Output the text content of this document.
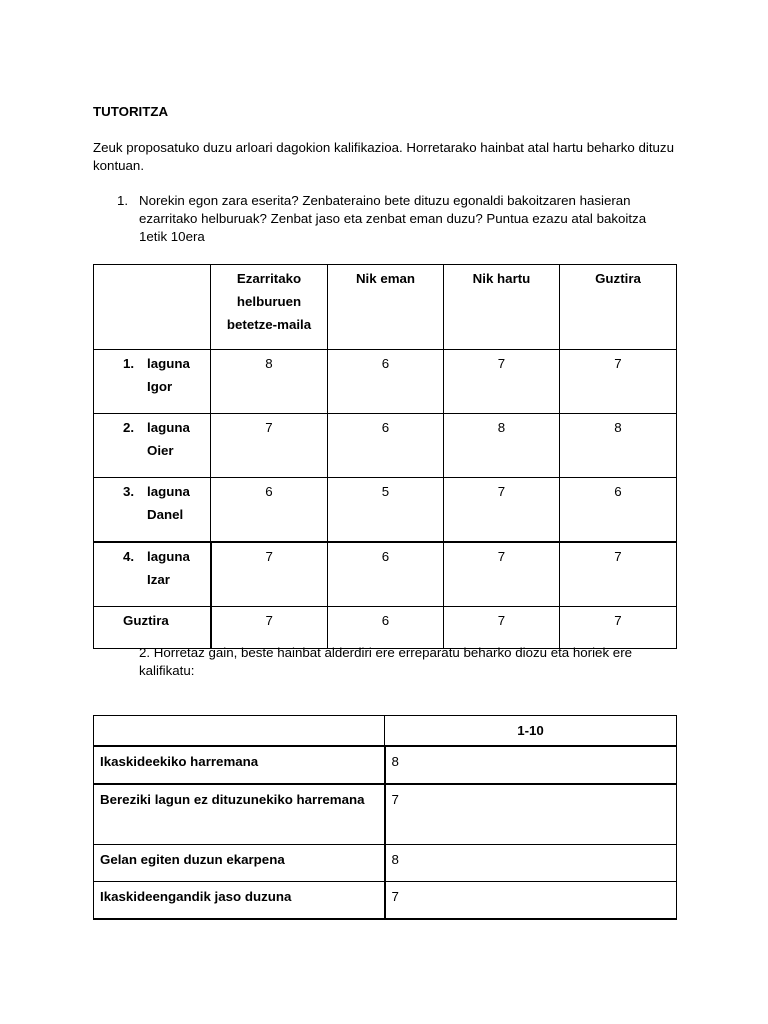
TUTORITZA
Zeuk proposatuko duzu arloari dagokion kalifikazioa. Horretarako hainbat atal hartu beharko dituzu kontuan.
1. Norekin egon zara eserita? Zenbateraino bete dituzu egonaldi bakoitzaren hasieran ezarritako helburuak? Zenbat jaso eta zenbat eman duzu? Puntua ezazu atal bakoitza 1etik 10era
	Ezarritako
helburuen
betetze-maila	Nik eman	Nik hartu	Guztira
1. laguna
Igor	8	6	7	7
2. laguna
Oier	7	6	8	8
3. laguna
Danel	6	5	7	6
4. laguna
Izar	7	6	7	7
Guztira	7	6	7	7
2. Horretaz gain, beste hainbat alderdiri ere erreparatu beharko diozu eta horiek ere kalifikatu:
	1-10
Ikaskideekiko harremana	8
Bereziki lagun ez dituzunekiko harremana	7
Gelan egiten duzun ekarpena	8
Ikaskideengandik jaso duzuna	7
